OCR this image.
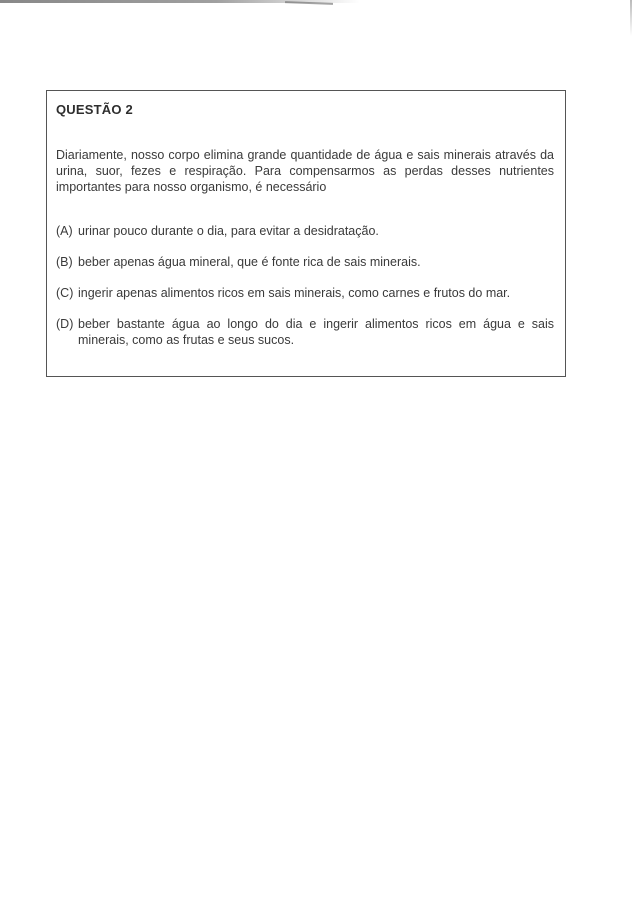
QUESTÃO 2

Diariamente, nosso corpo elimina grande quantidade de água e sais minerais através da urina, suor, fezes e respiração. Para compensarmos as perdas desses nutrientes importantes para nosso organismo, é necessário

(A) urinar pouco durante o dia, para evitar a desidratação.
(B) beber apenas água mineral, que é fonte rica de sais minerais.
(C) ingerir apenas alimentos ricos em sais minerais, como carnes e frutos do mar.
(D) beber bastante água ao longo do dia e ingerir alimentos ricos em água e sais minerais, como as frutas e seus sucos.
